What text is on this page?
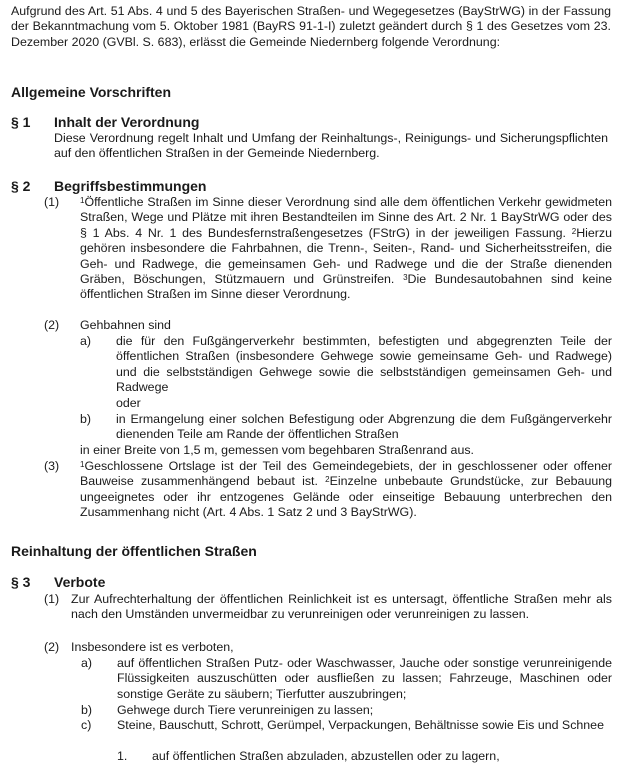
Aufgrund des Art. 51 Abs. 4 und 5 des Bayerischen Straßen- und Wegegesetzes (BayStrWG) in der Fassung der Bekanntmachung vom 5. Oktober 1981 (BayRS 91-1-I) zuletzt geändert durch § 1 des Gesetzes vom 23. Dezember 2020 (GVBl. S. 683), erlässt die Gemeinde Niedernberg folgende Verordnung:
Allgemeine Vorschriften
§ 1 Inhalt der Verordnung
Diese Verordnung regelt Inhalt und Umfang der Reinhaltungs-, Reinigungs- und Sicherungspflichten auf den öffentlichen Straßen in der Gemeinde Niedernberg.
§ 2 Begriffsbestimmungen
(1)	$^1$Öffentliche Straßen im Sinne dieser Verordnung sind alle dem öffentlichen Verkehr gewidmeten Straßen, Wege und Plätze mit ihren Bestandteilen im Sinne des Art. 2 Nr. 1 BayStrWG oder des § 1 Abs. 4 Nr. 1 des Bundesfernstraßengesetzes (FStrG) in der jeweiligen Fassung. $^2$Hierzu gehören insbesondere die Fahrbahnen, die Trenn-, Seiten-, Rand- und Sicherheitsstreifen, die Geh- und Radwege, die gemeinsamen Geh- und Radwege und die der Straße dienenden Gräben, Böschungen, Stützmauern und Grünstreifen. $^3$Die Bundesautobahnen sind keine öffentlichen Straßen im Sinne dieser Verordnung.
(2) Gehbahnen sind
a) die für den Fußgängerverkehr bestimmten, befestigten und abgegrenzten Teile der öffentlichen Straßen (insbesondere Gehwege sowie gemeinsame Geh- und Radwege) und die selbstständigen Gehwege sowie die selbstständigen gemeinsamen Geh- und Radwege
oder
b) in Ermangelung einer solchen Befestigung oder Abgrenzung die dem Fußgängerverkehr dienenden Teile am Rande der öffentlichen Straßen
in einer Breite von 1,5 m, gemessen vom begehbaren Straßenrand aus.
(3)	$^1$Geschlossene Ortslage ist der Teil des Gemeindegebiets, der in geschlossener oder offener Bauweise zusammenhängend bebaut ist. $^2$Einzelne unbebaute Grundstücke, zur Bebauung ungeeignetes oder ihr entzogenes Gelände oder einseitige Bebauung unterbrechen den Zusammenhang nicht (Art. 4 Abs. 1 Satz 2 und 3 BayStrWG).
Reinhaltung der öffentlichen Straßen
§ 3 Verbote
(1) Zur Aufrechterhaltung der öffentlichen Reinlichkeit ist es untersagt, öffentliche Straßen mehr als nach den Umständen unvermeidbar zu verunreinigen oder verunreinigen zu lassen.
(2) Insbesondere ist es verboten,
a) auf öffentlichen Straßen Putz- oder Waschwasser, Jauche oder sonstige verunreinigende Flüssigkeiten auszuschütten oder ausfließen zu lassen; Fahrzeuge, Maschinen oder sonstige Geräte zu säubern; Tierfutter auszubringen;
b) Gehwege durch Tiere verunreinigen zu lassen;
c) Steine, Bauschutt, Schrott, Gerümpel, Verpackungen, Behältnisse sowie Eis und Schnee
1. auf öffentlichen Straßen abzuladen, abzustellen oder zu lagern,
